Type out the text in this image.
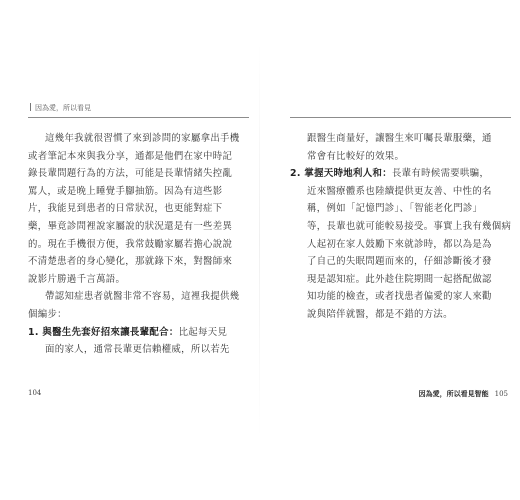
因為愛，所以看見

這幾年我就很習慣了來到診問的家屬拿出手機
或者筆記本來與我分享，通都是他們在家中時記
錄長輩問題行為的方法，可能是長輩情緒失控亂
罵人，或是晚上睡覺手腳抽筋。因為有這些影
片，我能見到患者的日常狀況，也更能對症下
藥，畢竟診問裡說家屬說的狀況還是有一些差異
的。現在手機很方便，我常鼓勵家屬若擔心說說
不清楚患者的身心變化，那就錄下來，對醫師來
說影片勝過千言萬語。
帶認知症患者就醫非常不容易，這裡我提供幾
個編步：
1. 與醫生先套好招來讓長輩配合：比起每天見
面的家人，通常長輩更信賴權威，所以若先

104

跟醫生商量好，讓醫生來叮囑長輩服藥，通
常會有比較好的效果。
2. 掌握天時地利人和：長輩有時候需要哄騙，
近來醫療體系也陸續提供更友善、中性的名
稱，例如「記憶門診」、「智能老化門診」
等，長輩也就可能較易接受。事實上我有幾個病
人起初在家人鼓勵下來就診時，都以為是為
了自己的失眠問題而來的，仔細診斷後才發
現是認知症。此外趁住院期間一起搭配做認
知功能的檢查，或者找患者偏愛的家人來勸
說與陪伴就醫，都是不錯的方法。

因為愛，所以看見智能 105
